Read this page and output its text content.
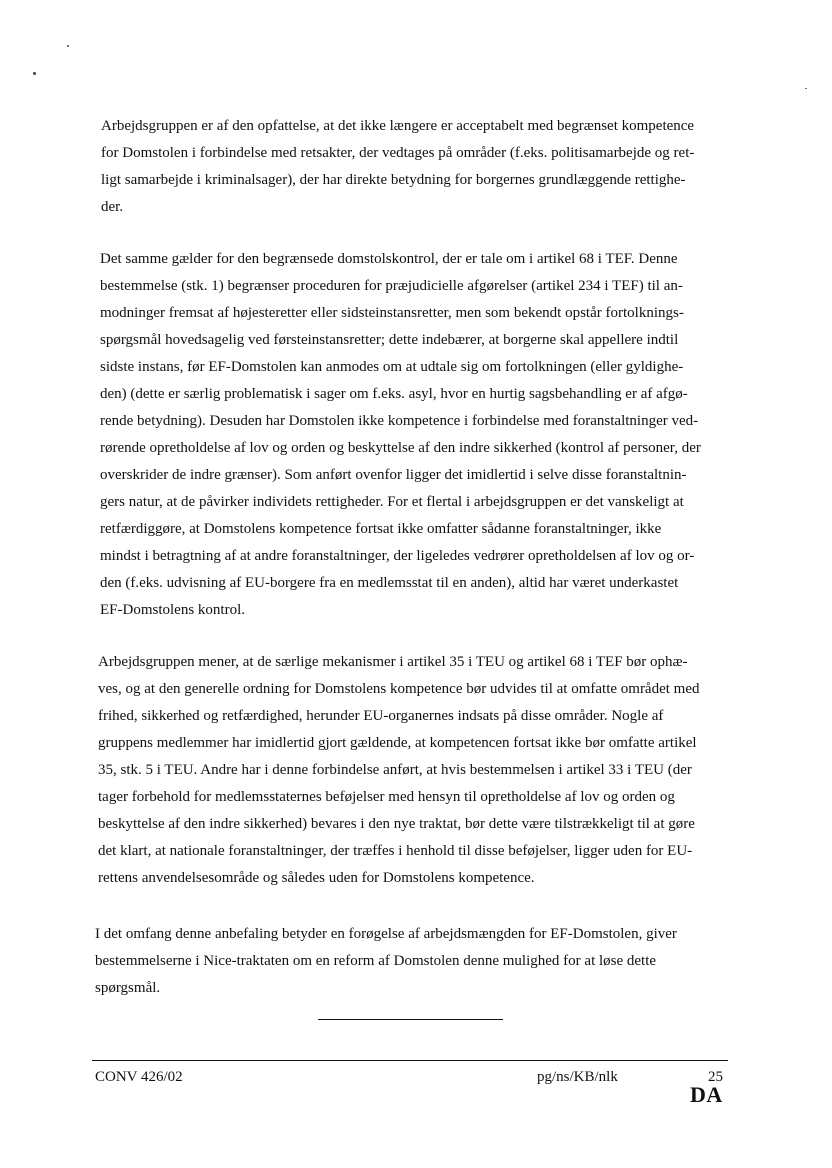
Arbejdsgruppen er af den opfattelse, at det ikke længere er acceptabelt med begrænset kompetence
for Domstolen i forbindelse med retsakter, der vedtages på områder (f.eks. politisamarbejde og ret-
ligt samarbejde i kriminalsager), der har direkte betydning for borgernes grundlæggende rettighe-
der.
Det samme gælder for den begrænsede domstolskontrol, der er tale om i artikel 68 i TEF. Denne
bestemmelse (stk. 1) begrænser proceduren for præjudicielle afgørelser (artikel 234 i TEF) til an-
modninger fremsat af højesteretter eller sidsteinstansretter, men som bekendt opstår fortolknings-
spørgsmål hovedsagelig ved førsteinstansretter; dette indebærer, at borgerne skal appellere indtil
sidste instans, før EF-Domstolen kan anmodes om at udtale sig om fortolkningen (eller gyldighe-
den) (dette er særlig problematisk i sager om f.eks. asyl, hvor en hurtig sagsbehandling er af afgø-
rende betydning). Desuden har Domstolen ikke kompetence i forbindelse med foranstaltninger ved-
rørende opretholdelse af lov og orden og beskyttelse af den indre sikkerhed (kontrol af personer, der
overskrider de indre grænser). Som anført ovenfor ligger det imidlertid i selve disse foranstaltnin-
gers natur, at de påvirker individets rettigheder. For et flertal i arbejdsgruppen er det vanskeligt at
retfærdiggøre, at Domstolens kompetence fortsat ikke omfatter sådanne foranstaltninger, ikke
mindst i betragtning af at andre foranstaltninger, der ligeledes vedrører opretholdelsen af lov og or-
den (f.eks. udvisning af EU-borgere fra en medlemsstat til en anden), altid har været underkastet
EF-Domstolens kontrol.
Arbejdsgruppen mener, at de særlige mekanismer i artikel 35 i TEU og artikel 68 i TEF bør ophæ-
ves, og at den generelle ordning for Domstolens kompetence bør udvides til at omfatte området med
frihed, sikkerhed og retfærdighed, herunder EU-organernes indsats på disse områder. Nogle af
gruppens medlemmer har imidlertid gjort gældende, at kompetencen fortsat ikke bør omfatte artikel
35, stk. 5 i TEU. Andre har i denne forbindelse anført, at hvis bestemmelsen i artikel 33 i TEU (der
tager forbehold for medlemsstaternes beføjelser med hensyn til opretholdelse af lov og orden og
beskyttelse af den indre sikkerhed) bevares i den nye traktat, bør dette være tilstrækkeligt til at gøre
det klart, at nationale foranstaltninger, der træffes i henhold til disse beføjelser, ligger uden for EU-
rettens anvendelsesområde og således uden for Domstolens kompetence.
I det omfang denne anbefaling betyder en forøgelse af arbejdsmængden for EF-Domstolen, giver
bestemmelserne i Nice-traktaten om en reform af Domstolen denne mulighed for at løse dette
spørgsmål.
CONV 426/02	pg/ns/KB/nlk	25
DA
